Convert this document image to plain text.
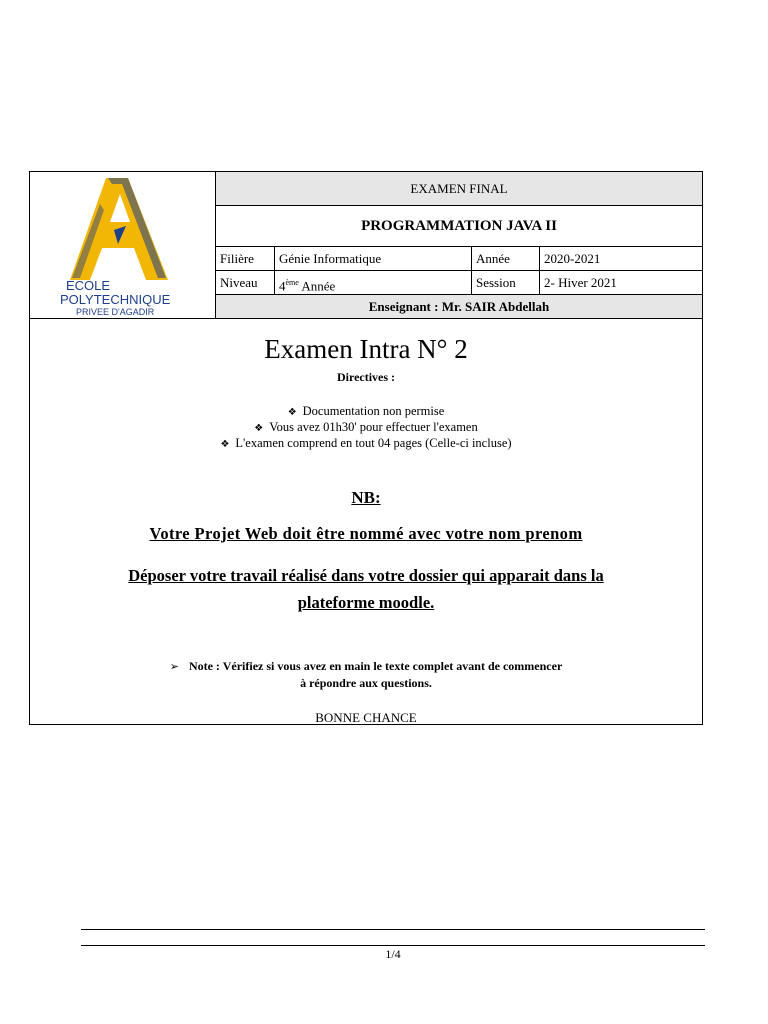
ECOLE
POLYTECHNIQUE
PRIVEE D'AGADIR
EXAMEN FINAL
PROGRAMMATION JAVA II
Filière	Génie Informatique	Année	2020-2021
Niveau	4ème Année	Session	2- Hiver 2021
Enseignant : Mr. SAIR Abdellah
Examen Intra N° 2
Directives :
❖ Documentation non permise
❖ Vous avez 01h30' pour effectuer l'examen
❖ L'examen comprend en tout 04 pages (Celle-ci incluse)
NB:
Votre Projet Web doit être nommé avec votre nom prenom
Déposer votre travail réalisé dans votre dossier qui apparait dans la
plateforme moodle.
➢ Note : Vérifiez si vous avez en main le texte complet avant de commencer
à répondre aux questions.
BONNE CHANCE
1/4
